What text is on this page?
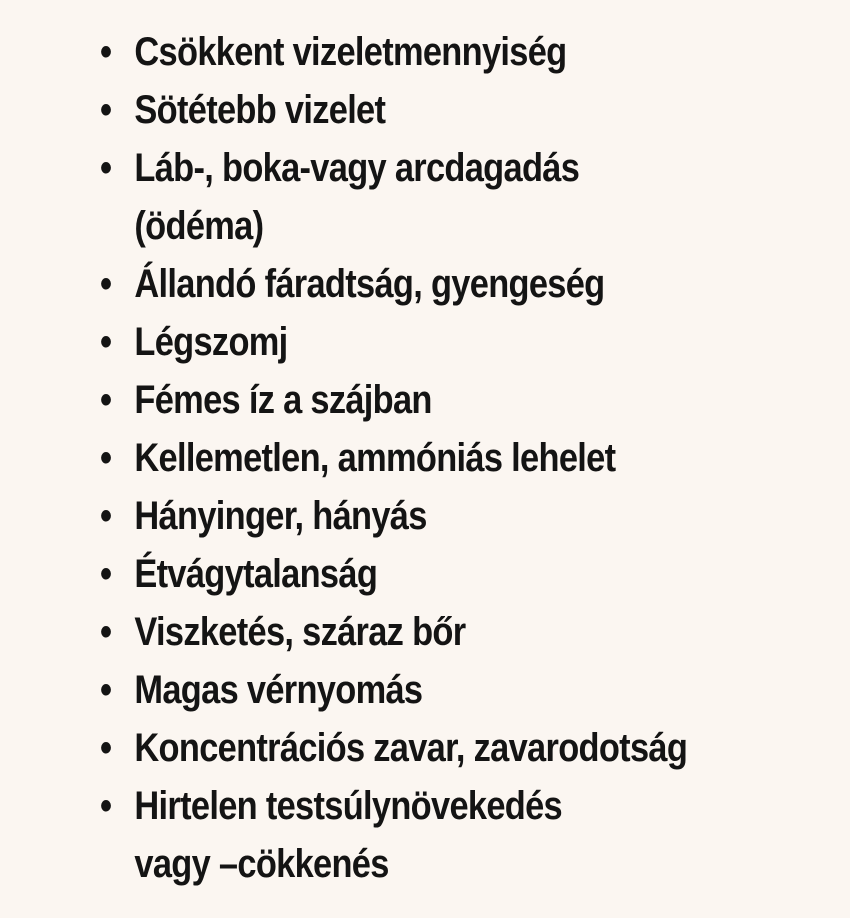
• Csökkent vizeletmennyiség
• Sötétebb vizelet
• Láb-, boka-vagy arcdagadás
(ödéma)
• Állandó fáradtság, gyengeség
• Légszomj
• Fémes íz a szájban
• Kellemetlen, ammóniás lehelet
• Hányinger, hányás
• Étvágytalanság
• Viszketés, száraz bőr
• Magas vérnyomás
• Koncentrációs zavar, zavarodotság
• Hirtelen testsúlynövekedés
vagy –cökkenés
